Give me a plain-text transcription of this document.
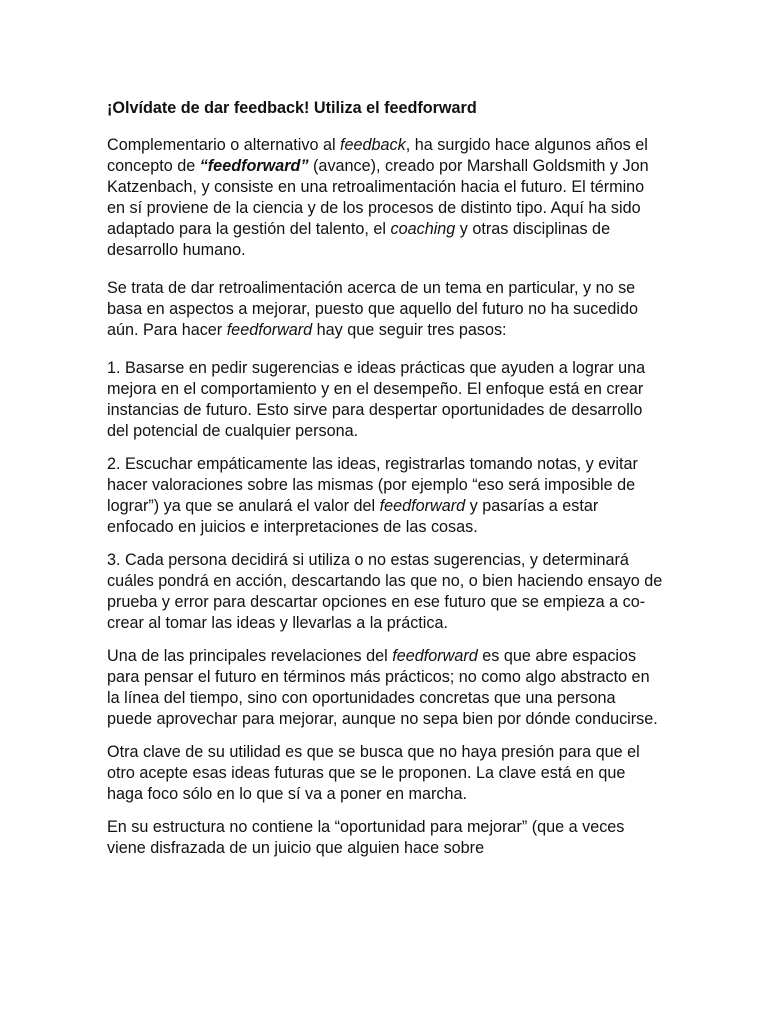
¡Olvídate de dar feedback! Utiliza el feedforward
Complementario o alternativo al feedback, ha surgido hace algunos años el concepto de “feedforward” (avance), creado por Marshall Goldsmith y Jon Katzenbach, y consiste en una retroalimentación hacia el futuro. El término en sí proviene de la ciencia y de los procesos de distinto tipo. Aquí ha sido adaptado para la gestión del talento, el coaching y otras disciplinas de desarrollo humano.
Se trata de dar retroalimentación acerca de un tema en particular, y no se basa en aspectos a mejorar, puesto que aquello del futuro no ha sucedido aún. Para hacer feedforward hay que seguir tres pasos:
1. Basarse en pedir sugerencias e ideas prácticas que ayuden a lograr una mejora en el comportamiento y en el desempeño. El enfoque está en crear instancias de futuro. Esto sirve para despertar oportunidades de desarrollo del potencial de cualquier persona.
2. Escuchar empáticamente las ideas, registrarlas tomando notas, y evitar hacer valoraciones sobre las mismas (por ejemplo “eso será imposible de lograr”) ya que se anulará el valor del feedforward y pasarías a estar enfocado en juicios e interpretaciones de las cosas.
3. Cada persona decidirá si utiliza o no estas sugerencias, y determinará cuáles pondrá en acción, descartando las que no, o bien haciendo ensayo de prueba y error para descartar opciones en ese futuro que se empieza a co-crear al tomar las ideas y llevarlas a la práctica.
Una de las principales revelaciones del feedforward es que abre espacios para pensar el futuro en términos más prácticos; no como algo abstracto en la línea del tiempo, sino con oportunidades concretas que una persona puede aprovechar para mejorar, aunque no sepa bien por dónde conducirse.
Otra clave de su utilidad es que se busca que no haya presión para que el otro acepte esas ideas futuras que se le proponen. La clave está en que haga foco sólo en lo que sí va a poner en marcha.
En su estructura no contiene la “oportunidad para mejorar” (que a veces viene disfrazada de un juicio que alguien hace sobre
